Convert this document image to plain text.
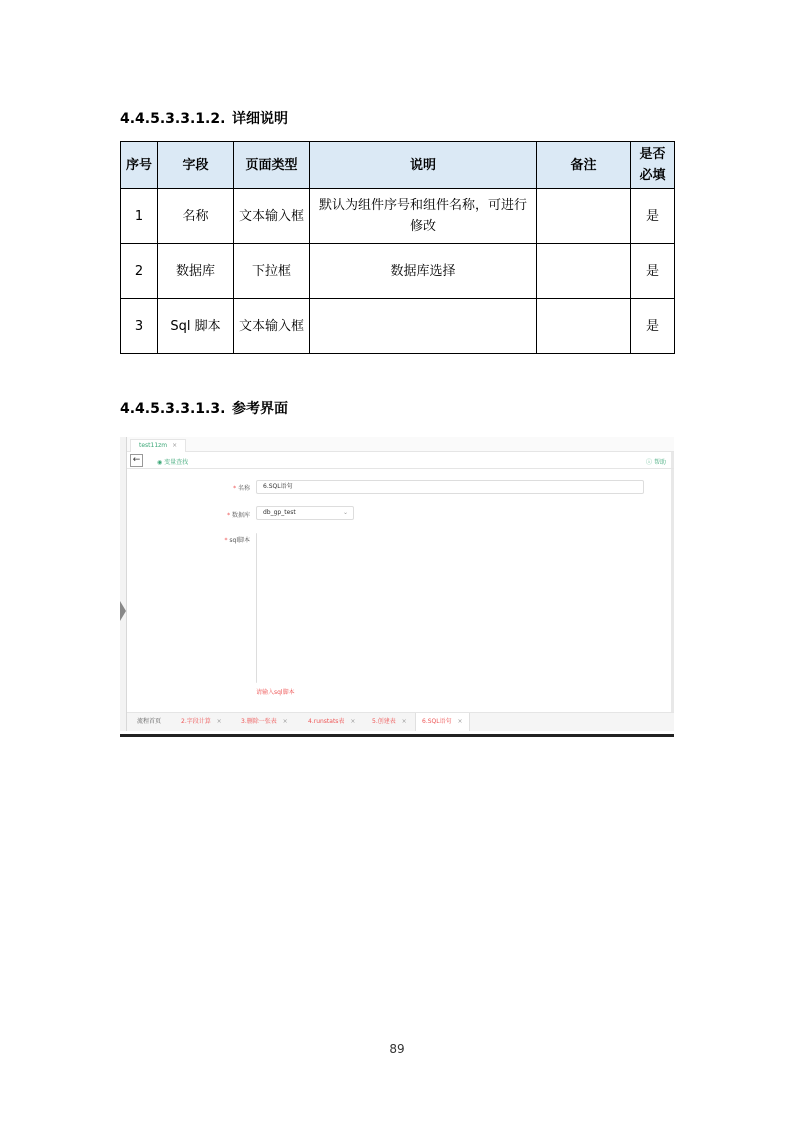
4.4.5.3.3.1.2. 详细说明
序号	字段	页面类型	说明	备注	是否必填
1	名称	文本输入框	默认为组件序号和组件名称，可进行修改		是
2	数据库	下拉框	数据库选择		是
3	Sql 脚本	文本输入框			是
4.4.5.3.3.1.3. 参考界面
test11zm ×
←	◉ 变量查找	ⓘ 帮助
* 名称	6.SQL语句
* 数据库	db_gp_test	⌄
* sql脚本
请输入sql脚本
流程首页	2.字段计算 ×	3.删除一张表 ×	4.runstats表 ×	5.创建表 ×	6.SQL语句 ×
89
